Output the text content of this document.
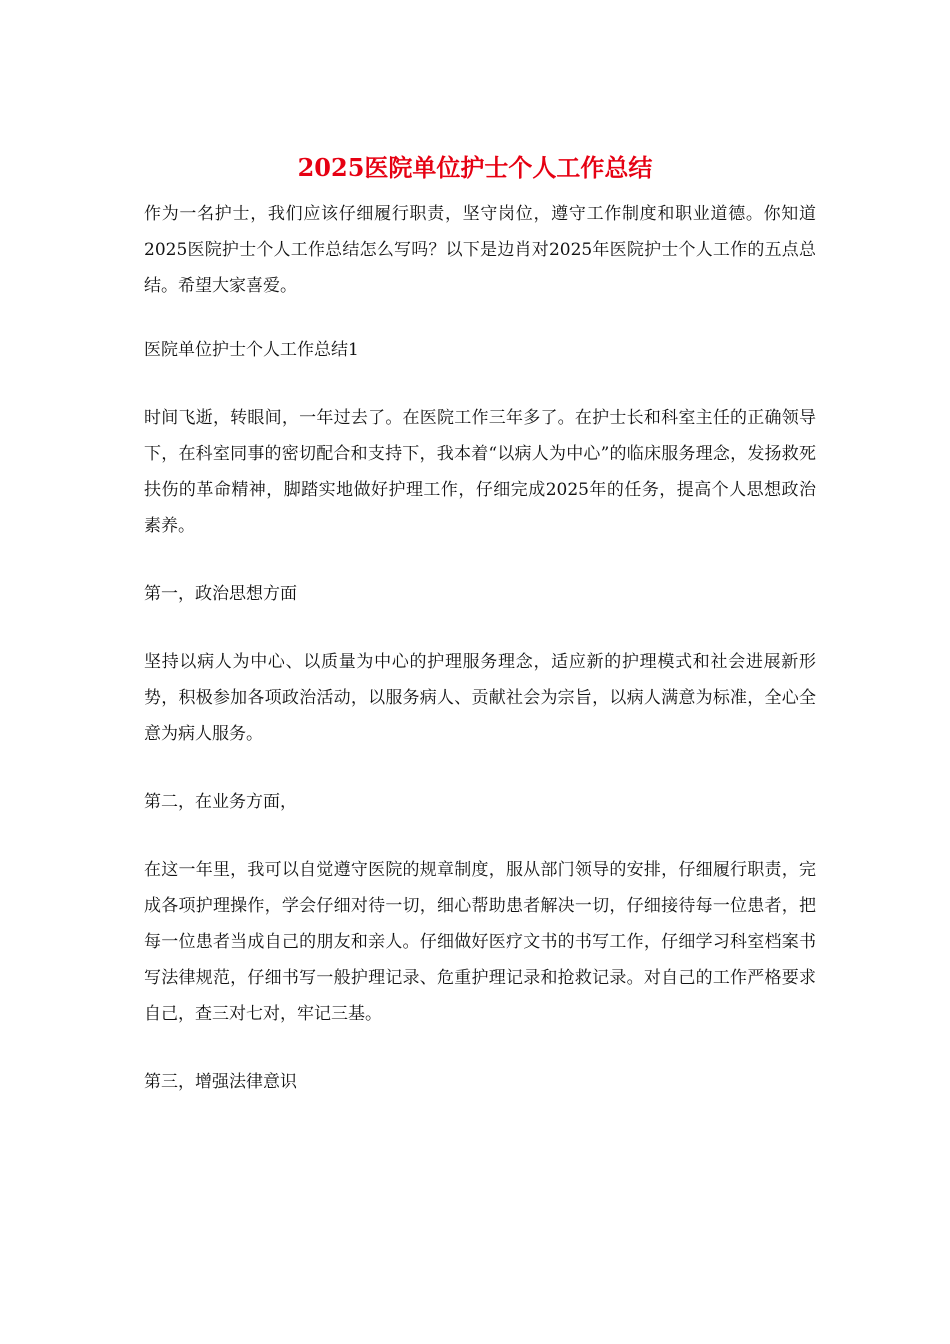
2025医院单位护士个人工作总结

作为一名护士，我们应该仔细履行职责，坚守岗位，遵守工作制度和职业道德。你知道2025医院护士个人工作总结怎么写吗？以下是边肖对2025年医院护士个人工作的五点总结。希望大家喜爱。

医院单位护士个人工作总结1

时间飞逝，转眼间，一年过去了。在医院工作三年多了。在护士长和科室主任的正确领导下，在科室同事的密切配合和支持下，我本着“以病人为中心”的临床服务理念，发扬救死扶伤的革命精神，脚踏实地做好护理工作，仔细完成2025年的任务，提高个人思想政治素养。

第一，政治思想方面

坚持以病人为中心、以质量为中心的护理服务理念，适应新的护理模式和社会进展新形势，积极参加各项政治活动，以服务病人、贡献社会为宗旨，以病人满意为标准，全心全意为病人服务。

第二，在业务方面，

在这一年里，我可以自觉遵守医院的规章制度，服从部门领导的安排，仔细履行职责，完成各项护理操作，学会仔细对待一切，细心帮助患者解决一切，仔细接待每一位患者，把每一位患者当成自己的朋友和亲人。仔细做好医疗文书的书写工作，仔细学习科室档案书写法律规范，仔细书写一般护理记录、危重护理记录和抢救记录。对自己的工作严格要求自己，查三对七对，牢记三基。

第三，增强法律意识
